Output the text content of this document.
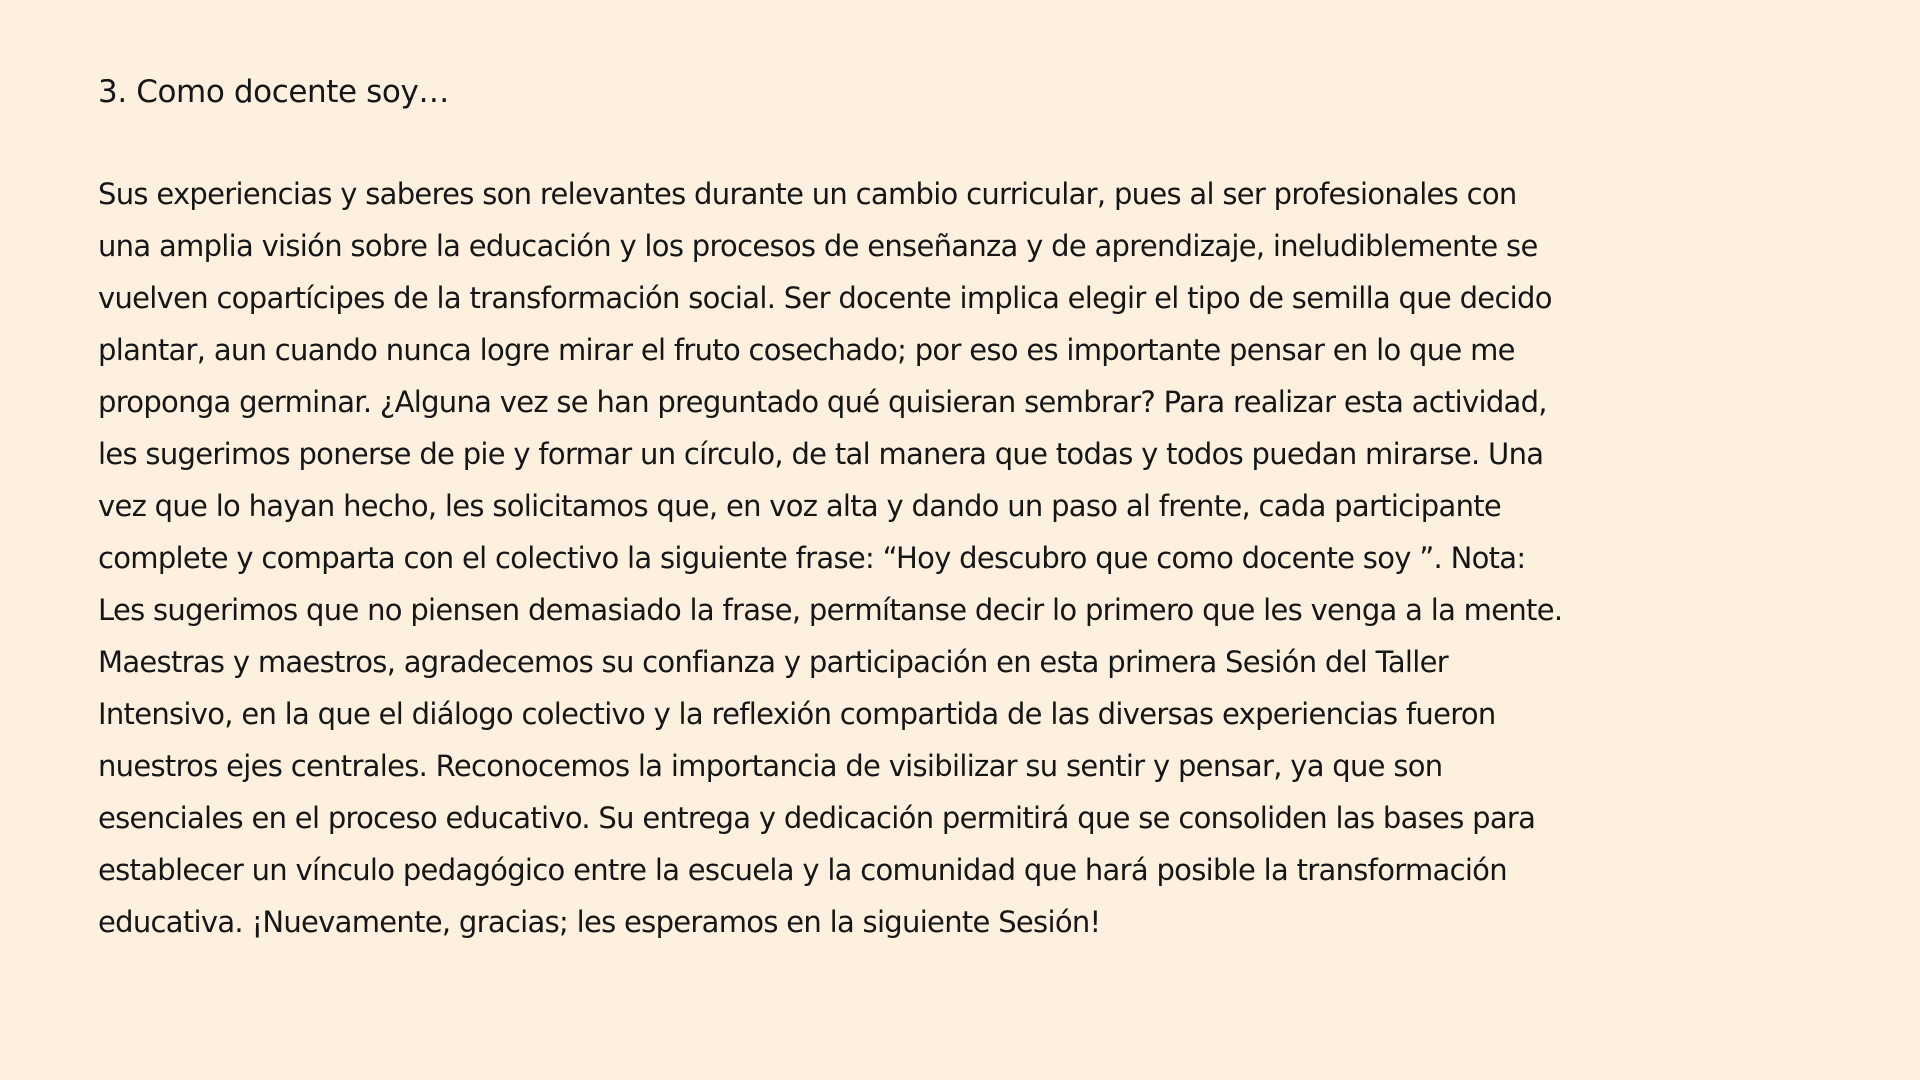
3. Como docente soy…
Sus experiencias y saberes son relevantes durante un cambio curricular, pues al ser profesionales con
una amplia visión sobre la educación y los procesos de enseñanza y de aprendizaje, ineludiblemente se
vuelven copartícipes de la transformación social. Ser docente implica elegir el tipo de semilla que decido
plantar, aun cuando nunca logre mirar el fruto cosechado; por eso es importante pensar en lo que me
proponga germinar. ¿Alguna vez se han preguntado qué quisieran sembrar? Para realizar esta actividad,
les sugerimos ponerse de pie y formar un círculo, de tal manera que todas y todos puedan mirarse. Una
vez que lo hayan hecho, les solicitamos que, en voz alta y dando un paso al frente, cada participante
complete y comparta con el colectivo la siguiente frase: “Hoy descubro que como docente soy ”. Nota:
Les sugerimos que no piensen demasiado la frase, permítanse decir lo primero que les venga a la mente.
Maestras y maestros, agradecemos su confianza y participación en esta primera Sesión del Taller
Intensivo, en la que el diálogo colectivo y la reflexión compartida de las diversas experiencias fueron
nuestros ejes centrales. Reconocemos la importancia de visibilizar su sentir y pensar, ya que son
esenciales en el proceso educativo. Su entrega y dedicación permitirá que se consoliden las bases para
establecer un vínculo pedagógico entre la escuela y la comunidad que hará posible la transformación
educativa. ¡Nuevamente, gracias; les esperamos en la siguiente Sesión!
